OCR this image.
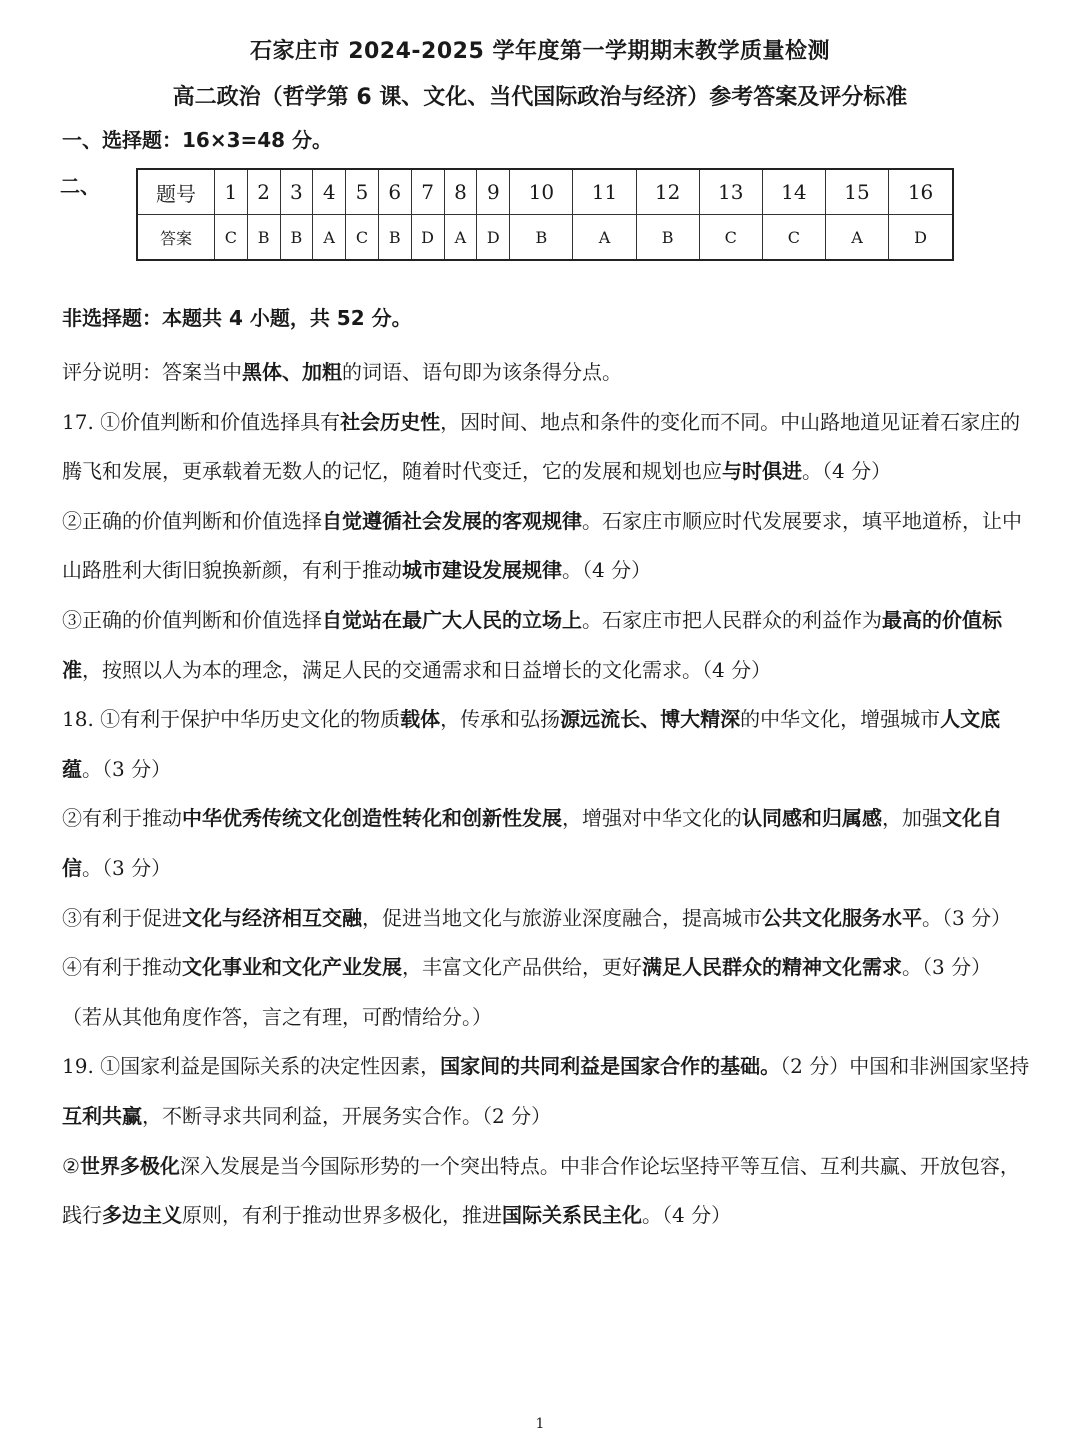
石家庄市 2024-2025 学年度第一学期期末教学质量检测
高二政治（哲学第 6 课、文化、当代国际政治与经济）参考答案及评分标准
一、选择题：16×3=48 分。
二、	题号	1	2	3	4	5	6	7	8	9	10	11	12	13	14	15	16
答案	C	B	B	A	C	B	D	A	D	B	A	B	C	C	A	D
非选择题：本题共 4 小题，共 52 分。

评分说明：答案当中黑体、加粗的词语、语句即为该条得分点。

17. ①价值判断和价值选择具有社会历史性，因时间、地点和条件的变化而不同。中山路地道见证着石家庄的腾飞和发展，更承载着无数人的记忆，随着时代变迁，它的发展和规划也应与时俱进。（4 分）

②正确的价值判断和价值选择自觉遵循社会发展的客观规律。石家庄市顺应时代发展要求，填平地道桥，让中山路胜利大街旧貌换新颜，有利于推动城市建设发展规律。（4 分）

③正确的价值判断和价值选择自觉站在最广大人民的立场上。石家庄市把人民群众的利益作为最高的价值标准，按照以人为本的理念，满足人民的交通需求和日益增长的文化需求。（4 分）

18. ①有利于保护中华历史文化的物质载体，传承和弘扬源远流长、博大精深的中华文化，增强城市人文底蕴。（3 分）

②有利于推动中华优秀传统文化创造性转化和创新性发展，增强对中华文化的认同感和归属感，加强文化自信。（3 分）

③有利于促进文化与经济相互交融，促进当地文化与旅游业深度融合，提高城市公共文化服务水平。（3 分）

④有利于推动文化事业和文化产业发展，丰富文化产品供给，更好满足人民群众的精神文化需求。（3 分）

（若从其他角度作答，言之有理，可酌情给分。）

19. ①国家利益是国际关系的决定性因素，国家间的共同利益是国家合作的基础。（2 分）中国和非洲国家坚持互利共赢，不断寻求共同利益，开展务实合作。（2 分）

②世界多极化深入发展是当今国际形势的一个突出特点。中非合作论坛坚持平等互信、互利共赢、开放包容，践行多边主义原则，有利于推动世界多极化，推进国际关系民主化。（4 分）

1
